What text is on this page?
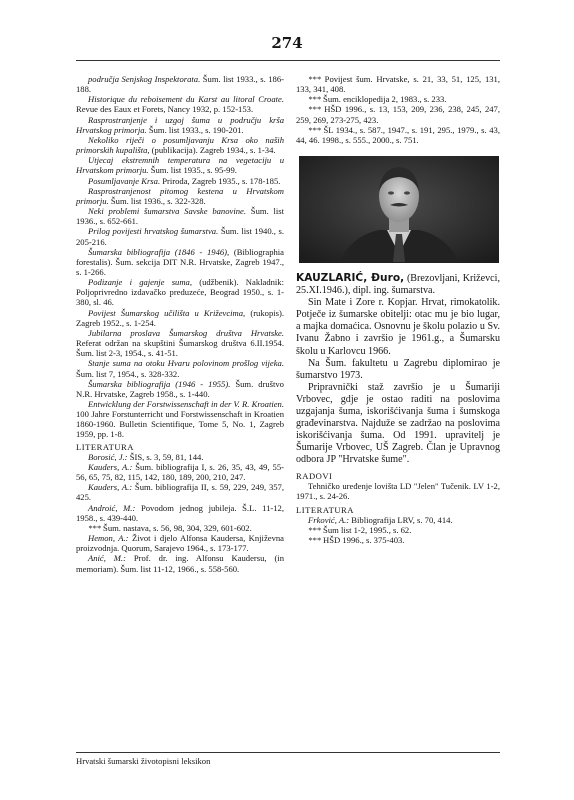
274

područja Senjskog Inspektorata. Šum. list 1933., s. 186-188.

Historique du reboisement du Karst au litoral Croate. Revue des Eaux et Forets, Nancy 1932, p. 152-153.

Rasprostranjenje i uzgoj šuma u području krša Hrvatskog primorja. Šum. list 1933., s. 190-201.

Nekoliko riječi o posumljavanju Krsa oko naših primorskih kupališta, (publikacija). Zagreb 1934., s. 1-34.

Utjecaj ekstremnih temperatura na vegetaciju u Hrvatskom primorju. Šum. list 1935., s. 95-99.

Posumljavanje Krsa. Priroda, Zagreb 1935., s. 178-185.

Rasprostranjenost pitomog kestena u Hrvatskom primorju. Šum. list 1936., s. 322-328.

Neki problemi šumarstva Savske banovine. Šum. list 1936., s. 652-661.

Prilog povijesti hrvatskog šumarstva. Šum. list 1940., s. 205-216.

Šumarska bibliografija (1846 - 1946), (Bibliographia forestalis). Šum. sekcija DIT N.R. Hrvatske, Zagreb 1947., s. 1-266.

Podizanje i gajenje suma, (udžbenik). Nakladnik: Poljoprivredno izdavačko preduzeće, Beograd 1950., s. 1-380, sl. 46.

Povijest Šumarskog učilišta u Križevcima, (rukopis). Zagreb 1952., s. 1-254.

Jubilarna proslava Šumarskog društva Hrvatske. Referat održan na skupštini Šumarskog društva 6.II.1954. Šum. list 2-3, 1954., s. 41-51.

Stanje suma na otoku Hvaru polovinom prošlog vijeka. Šum. list 7, 1954., s. 328-332.

Šumarska bibliografija (1946 - 1955). Šum. društvo N.R. Hrvatske, Zagreb 1958., s. 1-440.

Entwicklung der Forstwissenschaft in der V. R. Kroatien. 100 Jahre Forstunterricht und Forstwissenschaft in Kroatien 1860-1960. Bulletin Scientifique, Tome 5, No. 1, Zagreb 1959, pp. 1-8.

LITERATURA

Borosić, J.: ŠIS, s. 3, 59, 81, 144.

Kauders, A.: Šum. bibliografija I, s. 26, 35, 43, 49, 55-56, 65, 75, 82, 115, 142, 180, 189, 200, 210, 247.

Kauders, A.: Šum. bibliografija II, s. 59, 229, 249, 357, 425.

Androić, M.: Povodom jednog jubileja. Š.L. 11-12, 1958., s. 439-440.

*** Šum. nastava, s. 56, 98, 304, 329, 601-602.

Hemon, A.: Život i djelo Alfonsa Kaudersa, Književna proizvodnja. Quorum, Sarajevo 1964., s. 173-177.

Anić, M.: Prof. dr. ing. Alfonsu Kaudersu, (in memoriam). Šum. list 11-12, 1966., s. 558-560.

*** Povijest šum. Hrvatske, s. 21, 33, 51, 125, 131, 133, 341, 408.

*** Šum. enciklopedija 2, 1983., s. 233.

*** HŠD 1996., s. 13, 153, 209, 236, 238, 245, 247, 259, 269, 273-275, 423.

*** ŠL 1934., s. 587., 1947., s. 191, 295., 1979., s. 43, 44, 46. 1998., s. 555., 2000., s. 751.

KAUZLARIĆ, Đuro, (Brezovljani, Križevci, 25.XI.1946.), dipl. ing. šumarstva.

Sin Mate i Zore r. Kopjar. Hrvat, rimokatolik. Potječe iz šumarske obitelji: otac mu je bio lugar, a majka domaćica. Osnovnu je školu polazio u Sv. Ivanu Žabno i završio je 1961.g., a Šumarsku školu u Karlovcu 1966.

Na Šum. fakultetu u Zagrebu diplomirao je šumarstvo 1973.

Pripravnički staž završio je u Šumariji Vrbovec, gdje je ostao raditi na poslovima uzgajanja šuma, iskorišćivanja šuma i šumskoga građevinarstva. Najduže se zadržao na poslovima iskorišćivanja šuma. Od 1991. upravitelj je Šumarije Vrbovec, UŠ Zagreb. Član je Upravnog odbora JP "Hrvatske šume".

RADOVI

Tehničko uređenje lovišta LD "Jelen" Tučenik. LV 1-2, 1971., s. 24-26.

LITERATURA

Frković, A.: Bibliografija LRV, s. 70, 414.

*** Šum list 1-2, 1995., s. 62.

*** HŠD 1996., s. 375-403.

Hrvatski šumarski životopisni leksikon
